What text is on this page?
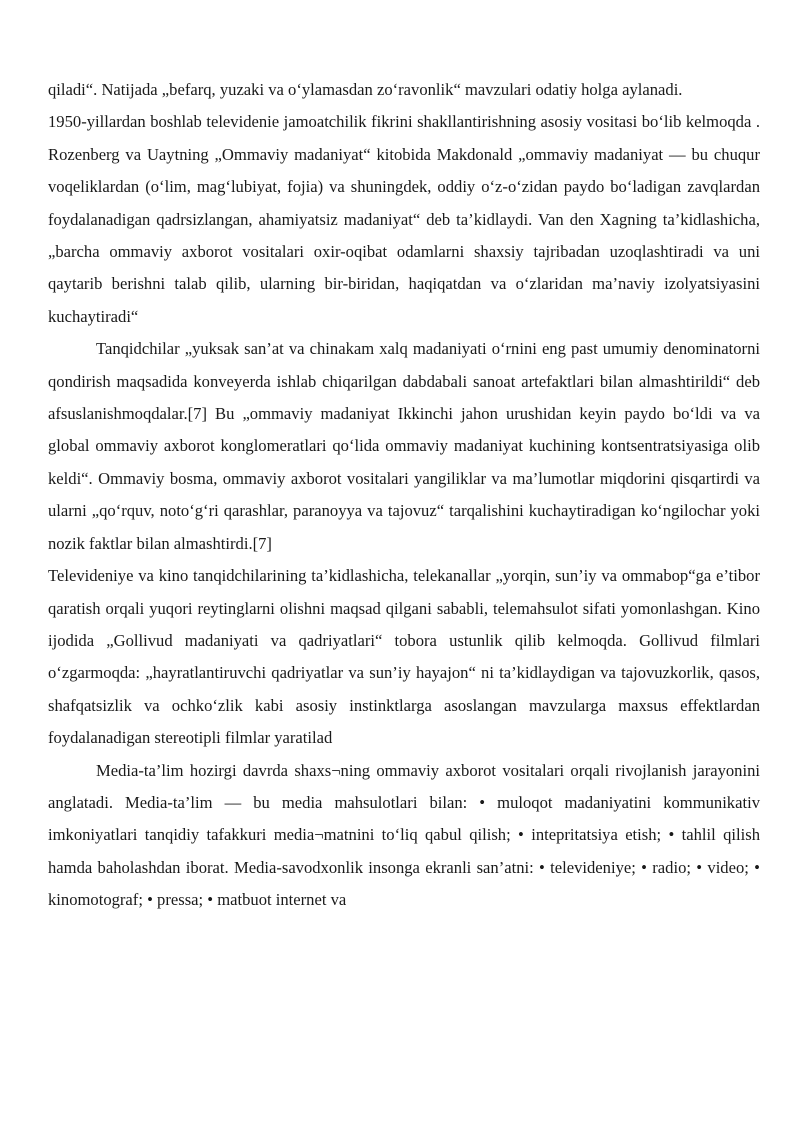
qiladi“. Natijada „befarq, yuzaki va o‘ylamasdan zo‘ravonlik“ mavzulari odatiy holga aylanadi.

1950-yillardan boshlab televidenie jamoatchilik fikrini shakllantirishning asosiy vositasi bo‘lib kelmoqda . Rozenberg va Uaytning „Ommaviy madaniyat“ kitobida Makdonald „ommaviy madaniyat — bu chuqur voqeliklardan (o‘lim, mag‘lubiyat, fojia) va shuningdek, oddiy o‘z-o‘zidan paydo bo‘ladigan zavqlardan foydalanadigan qadrsizlangan, ahamiyatsiz madaniyat“ deb ta’kidlaydi. Van den Xagning ta’kidlashicha, „barcha ommaviy axborot vositalari oxir-oqibat odamlarni shaxsiy tajribadan uzoqlashtiradi va uni qaytarib berishni talab qilib, ularning bir-biridan, haqiqatdan va o‘zlaridan ma’naviy izolyatsiyasini kuchaytiradi“

Tanqidchilar „yuksak san’at va chinakam xalq madaniyati o‘rnini eng past umumiy denominatorni qondirish maqsadida konveyerda ishlab chiqarilgan dabdabali sanoat artefaktlari bilan almashtirildi“ deb afsuslanishmoqdalar.[7] Bu „ommaviy madaniyat Ikkinchi jahon urushidan keyin paydo bo‘ldi va va global ommaviy axborot konglomeratlari qo‘lida ommaviy madaniyat kuchining kontsentratsiyasiga olib keldi“. Ommaviy bosma, ommaviy axborot vositalari yangiliklar va ma’lumotlar miqdorini qisqartirdi va ularni „qo‘rquv, noto‘g‘ri qarashlar, paranoyya va tajovuz“ tarqalishini kuchaytiradigan ko‘ngilochar yoki nozik faktlar bilan almashtirdi.[7]

Televideniye va kino tanqidchilarining ta’kidlashicha, telekanallar „yorqin, sun’iy va ommabop“ga e’tibor qaratish orqali yuqori reytinglarni olishni maqsad qilgani sababli, telemahsulot sifati yomonlashgan. Kino ijodida „Gollivud madaniyati va qadriyatlari“ tobora ustunlik qilib kelmoqda. Gollivud filmlari o‘zgarmoqda: „hayratlantiruvchi qadriyatlar va sun’iy hayajon“ ni ta’kidlaydigan va tajovuzkorlik, qasos, shafqatsizlik va ochko‘zlik kabi asosiy instinktlarga asoslangan mavzularga maxsus effektlardan foydalanadigan stereotipli filmlar yaratilad

Media-ta’lim hozirgi davrda shaxs¬ning ommaviy axborot vositalari orqali rivojlanish jarayonini anglatadi. Media-ta’lim — bu media mahsulotlari bilan: • muloqot madaniyatini kommunikativ imkoniyatlari tanqidiy tafakkuri media¬matnini to‘liq qabul qilish; • intepritatsiya etish; • tahlil qilish hamda baholashdan iborat. Media-savodxonlik insonga ekranli san’atni: • televideniye; • radio; • video; • kinomotograf; • pressa; • matbuot internet va
